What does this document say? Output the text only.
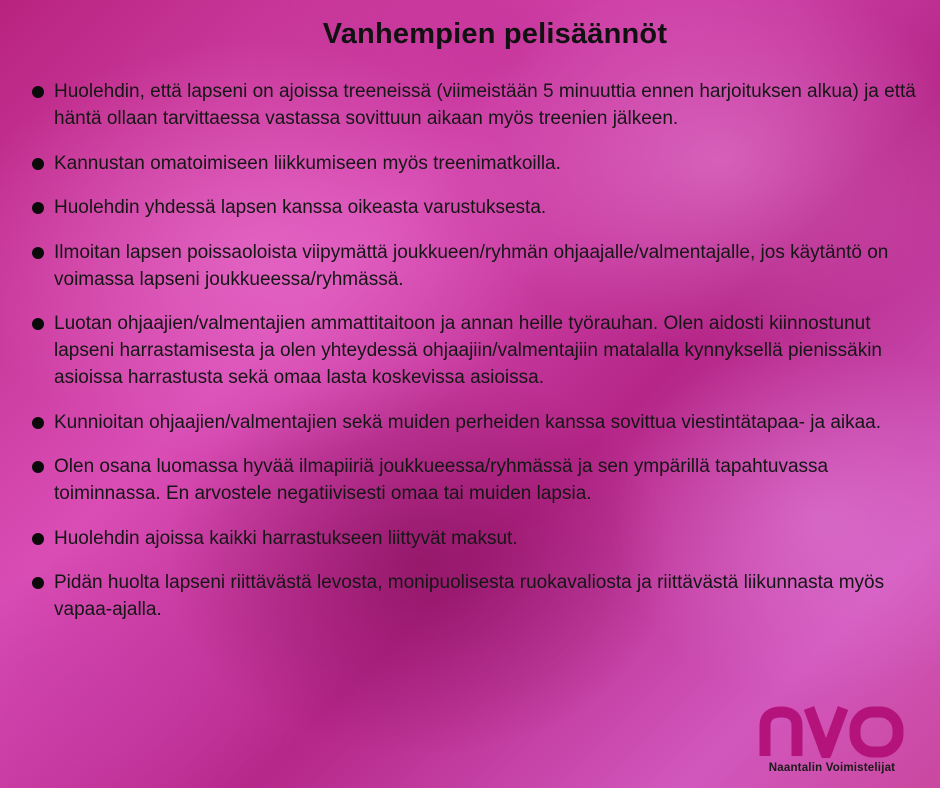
Vanhempien pelisäännöt
Huolehdin, että lapseni on ajoissa treeneissä (viimeistään 5 minuuttia ennen harjoituksen alkua) ja että häntä ollaan tarvittaessa vastassa sovittuun aikaan myös treenien jälkeen.
Kannustan omatoimiseen liikkumiseen myös treenimatkoilla.
Huolehdin yhdessä lapsen kanssa oikeasta varustuksesta.
Ilmoitan lapsen poissaoloista viipymättä joukkueen/ryhmän ohjaajalle/valmentajalle, jos käytäntö on voimassa lapseni joukkueessa/ryhmässä.
Luotan ohjaajien/valmentajien ammattitaitoon ja annan heille työrauhan. Olen aidosti kiinnostunut lapseni harrastamisesta ja olen yhteydessä ohjaajiin/valmentajiin matalalla kynnyksellä pienissäkin asioissa harrastusta sekä omaa lasta koskevissa asioissa.
Kunnioitan ohjaajien/valmentajien sekä muiden perheiden kanssa sovittua viestintätapaa- ja aikaa.
Olen osana luomassa hyvää ilmapiiriä joukkueessa/ryhmässä ja sen ympärillä tapahtuvassa toiminnassa. En arvostele negatiivisesti omaa tai muiden lapsia.
Huolehdin ajoissa kaikki harrastukseen liittyvät maksut.
Pidän huolta lapseni riittävästä levosta, monipuolisesta ruokavaliosta ja riittävästä liikunnasta myös vapaa-ajalla.
Naantalin Voimistelijat
